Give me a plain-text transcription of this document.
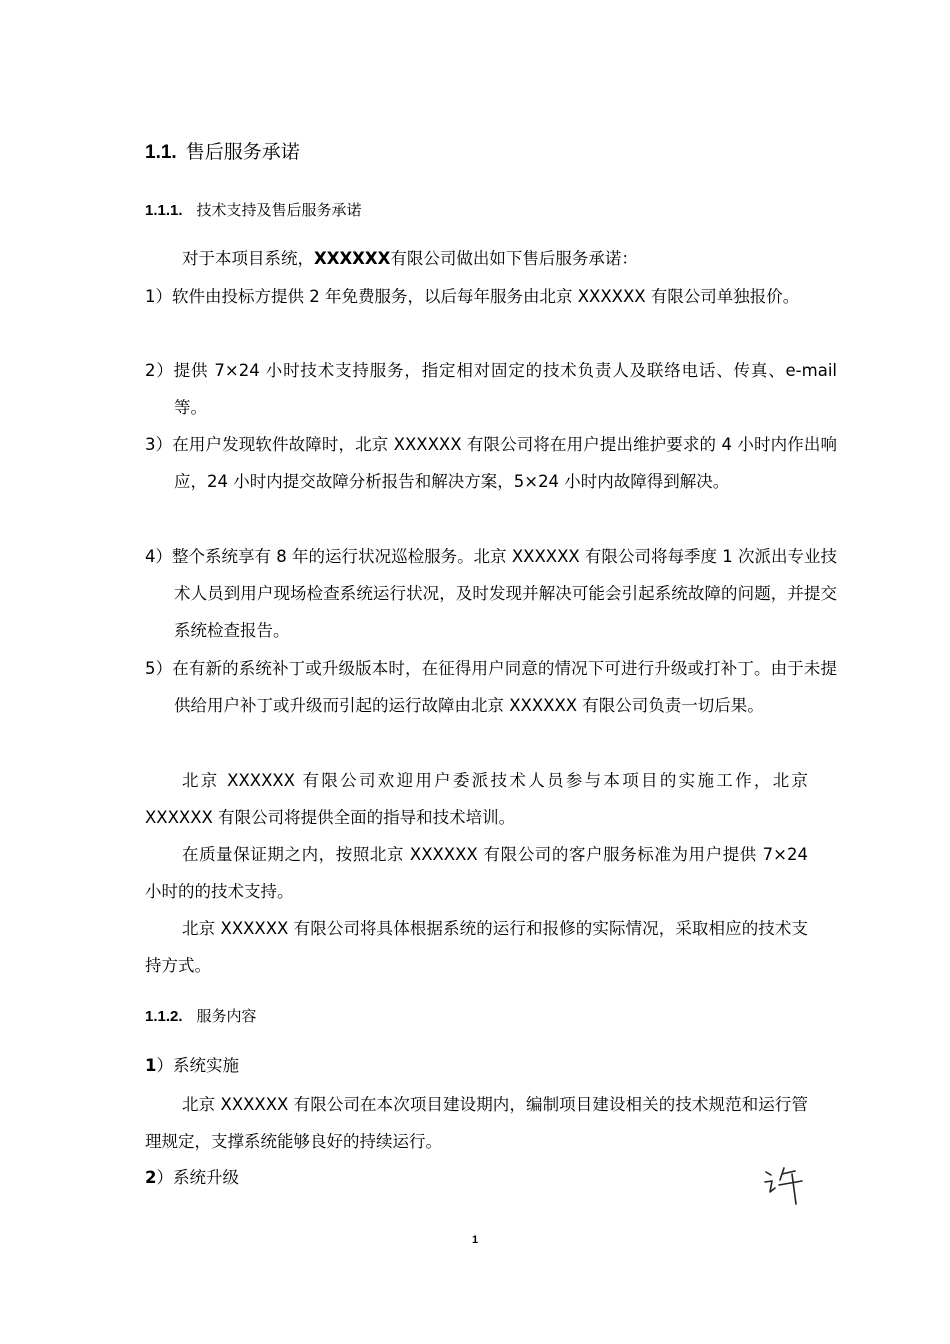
1.1. 售后服务承诺
1.1.1. 技术支持及售后服务承诺
对于本项目系统，XXXXXX有限公司做出如下售后服务承诺：
1）软件由投标方提供 2 年免费服务，以后每年服务由北京 XXXXXX 有限公司单独报价。
2）提供 7×24 小时技术支持服务，指定相对固定的技术负责人及联络电话、传真、e-mail 等。
3）在用户发现软件故障时，北京 XXXXXX 有限公司将在用户提出维护要求的 4 小时内作出响应，24 小时内提交故障分析报告和解决方案，5×24 小时内故障得到解决。
4）整个系统享有 8 年的运行状况巡检服务。北京 XXXXXX 有限公司将每季度 1 次派出专业技术人员到用户现场检查系统运行状况，及时发现并解决可能会引起系统故障的问题，并提交系统检查报告。
5）在有新的系统补丁或升级版本时，在征得用户同意的情况下可进行升级或打补丁。由于未提供给用户补丁或升级而引起的运行故障由北京 XXXXXX 有限公司负责一切后果。
北京 XXXXXX 有限公司欢迎用户委派技术人员参与本项目的实施工作，北京 XXXXXX 有限公司将提供全面的指导和技术培训。
在质量保证期之内，按照北京 XXXXXX 有限公司的客户服务标准为用户提供 7×24 小时的的技术支持。
北京 XXXXXX 有限公司将具体根据系统的运行和报修的实际情况，采取相应的技术支持方式。
1.1.2. 服务内容
1）系统实施
北京 XXXXXX 有限公司在本次项目建设期内，编制项目建设相关的技术规范和运行管理规定，支撑系统能够良好的持续运行。
2）系统升级
1
